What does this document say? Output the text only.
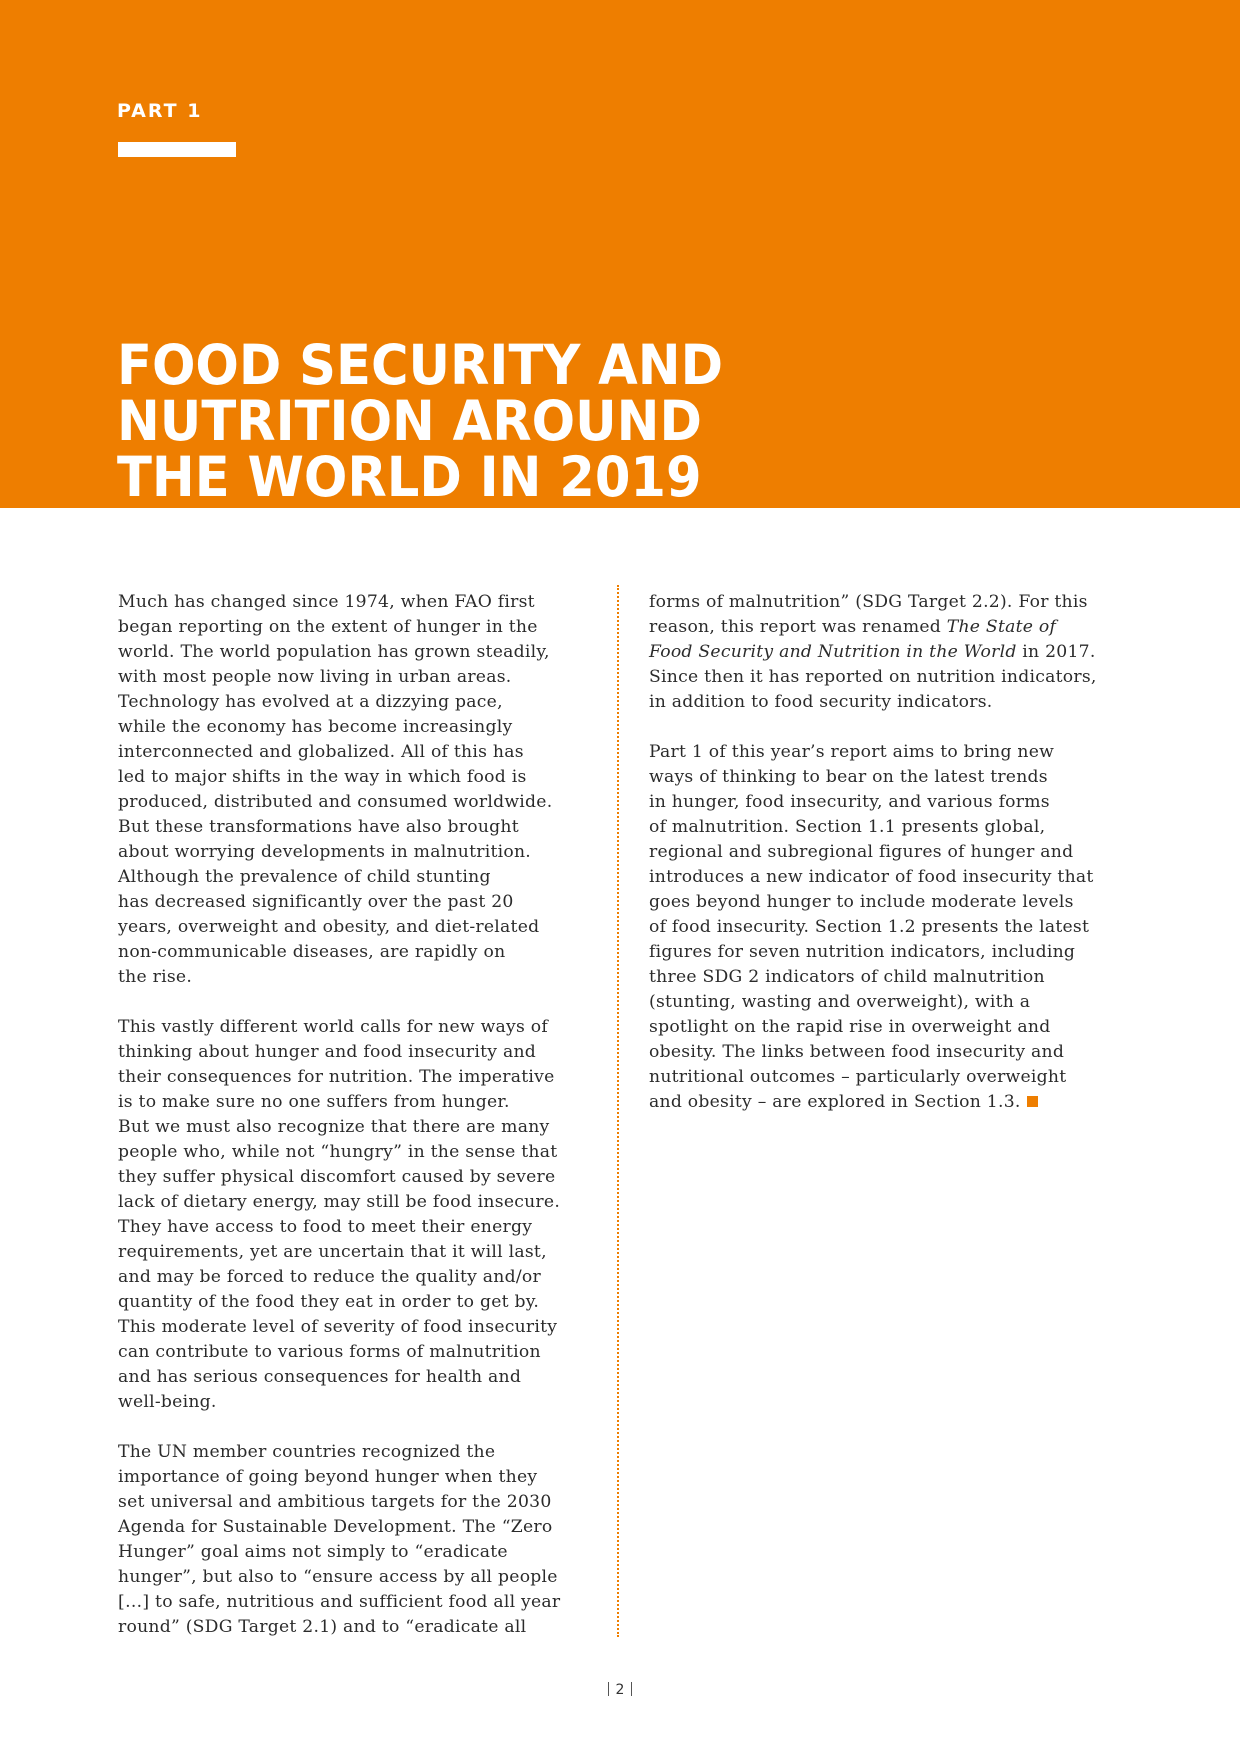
PART 1
FOOD SECURITY AND
NUTRITION AROUND
THE WORLD IN 2019

Much has changed since 1974, when FAO first
began reporting on the extent of hunger in the
world. The world population has grown steadily,
with most people now living in urban areas.
Technology has evolved at a dizzying pace,
while the economy has become increasingly
interconnected and globalized. All of this has
led to major shifts in the way in which food is
produced, distributed and consumed worldwide.
But these transformations have also brought
about worrying developments in malnutrition.
Although the prevalence of child stunting
has decreased significantly over the past 20
years, overweight and obesity, and diet-related
non-communicable diseases, are rapidly on
the rise.

This vastly different world calls for new ways of
thinking about hunger and food insecurity and
their consequences for nutrition. The imperative
is to make sure no one suffers from hunger.
But we must also recognize that there are many
people who, while not “hungry” in the sense that
they suffer physical discomfort caused by severe
lack of dietary energy, may still be food insecure.
They have access to food to meet their energy
requirements, yet are uncertain that it will last,
and may be forced to reduce the quality and/or
quantity of the food they eat in order to get by.
This moderate level of severity of food insecurity
can contribute to various forms of malnutrition
and has serious consequences for health and
well-being.

The UN member countries recognized the
importance of going beyond hunger when they
set universal and ambitious targets for the 2030
Agenda for Sustainable Development. The “Zero
Hunger” goal aims not simply to “eradicate
hunger”, but also to “ensure access by all people
[…] to safe, nutritious and sufficient food all year
round” (SDG Target 2.1) and to “eradicate all

forms of malnutrition” (SDG Target 2.2). For this
reason, this report was renamed The State of
Food Security and Nutrition in the World in 2017.
Since then it has reported on nutrition indicators,
in addition to food security indicators.

Part 1 of this year’s report aims to bring new
ways of thinking to bear on the latest trends
in hunger, food insecurity, and various forms
of malnutrition. Section 1.1 presents global,
regional and subregional figures of hunger and
introduces a new indicator of food insecurity that
goes beyond hunger to include moderate levels
of food insecurity. Section 1.2 presents the latest
figures for seven nutrition indicators, including
three SDG 2 indicators of child malnutrition
(stunting, wasting and overweight), with a
spotlight on the rapid rise in overweight and
obesity. The links between food insecurity and
nutritional outcomes – particularly overweight
and obesity – are explored in Section 1.3.

2
